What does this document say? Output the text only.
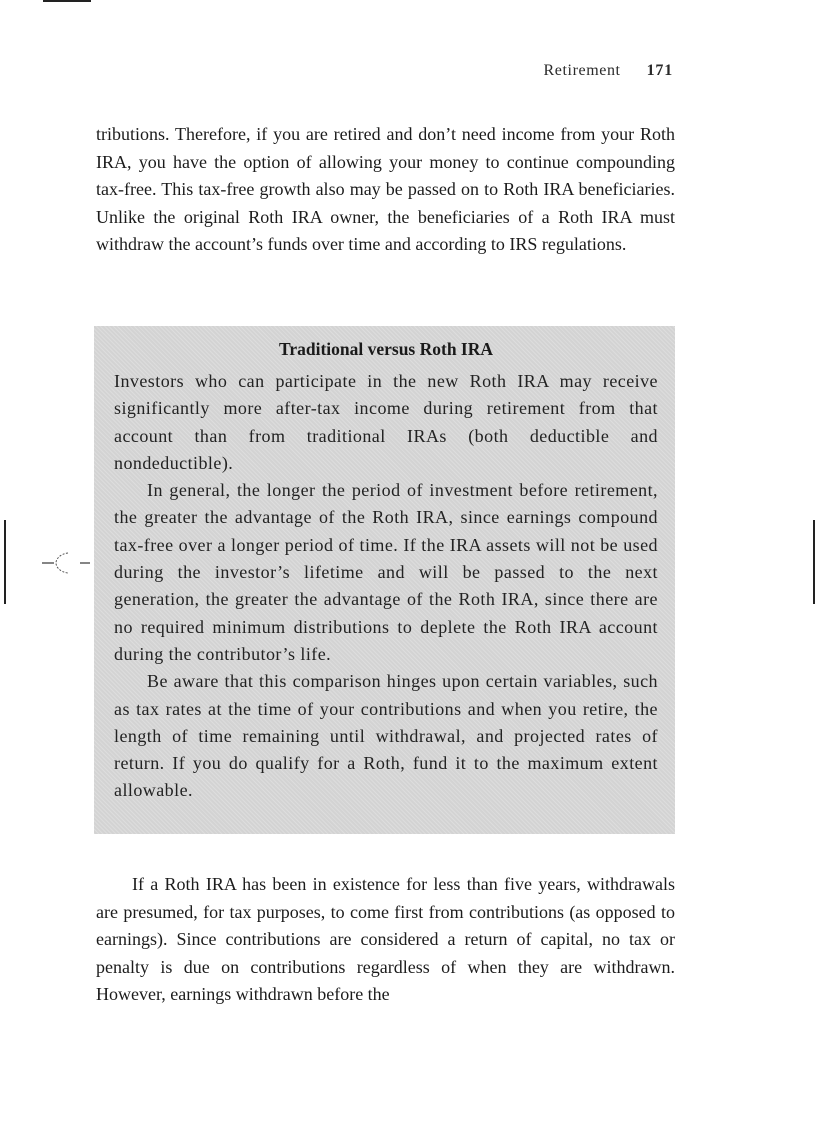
Retirement 171

tributions. Therefore, if you are retired and don’t need income from your Roth IRA, you have the option of allowing your money to continue compounding tax-free. This tax-free growth also may be passed on to Roth IRA beneficiaries. Unlike the original Roth IRA owner, the beneficiaries of a Roth IRA must withdraw the account’s funds over time and according to IRS regulations.

Traditional versus Roth IRA

Investors who can participate in the new Roth IRA may receive significantly more after-tax income during retirement from that account than from traditional IRAs (both deductible and nondeductible).

In general, the longer the period of investment before retirement, the greater the advantage of the Roth IRA, since earnings compound tax-free over a longer period of time. If the IRA assets will not be used during the investor’s lifetime and will be passed to the next generation, the greater the advantage of the Roth IRA, since there are no required minimum distributions to deplete the Roth IRA account during the contributor’s life.

Be aware that this comparison hinges upon certain variables, such as tax rates at the time of your contributions and when you retire, the length of time remaining until withdrawal, and projected rates of return. If you do qualify for a Roth, fund it to the maximum extent allowable.

If a Roth IRA has been in existence for less than five years, withdrawals are presumed, for tax purposes, to come first from contributions (as opposed to earnings). Since contributions are considered a return of capital, no tax or penalty is due on contributions regardless of when they are withdrawn. However, earnings withdrawn before the
